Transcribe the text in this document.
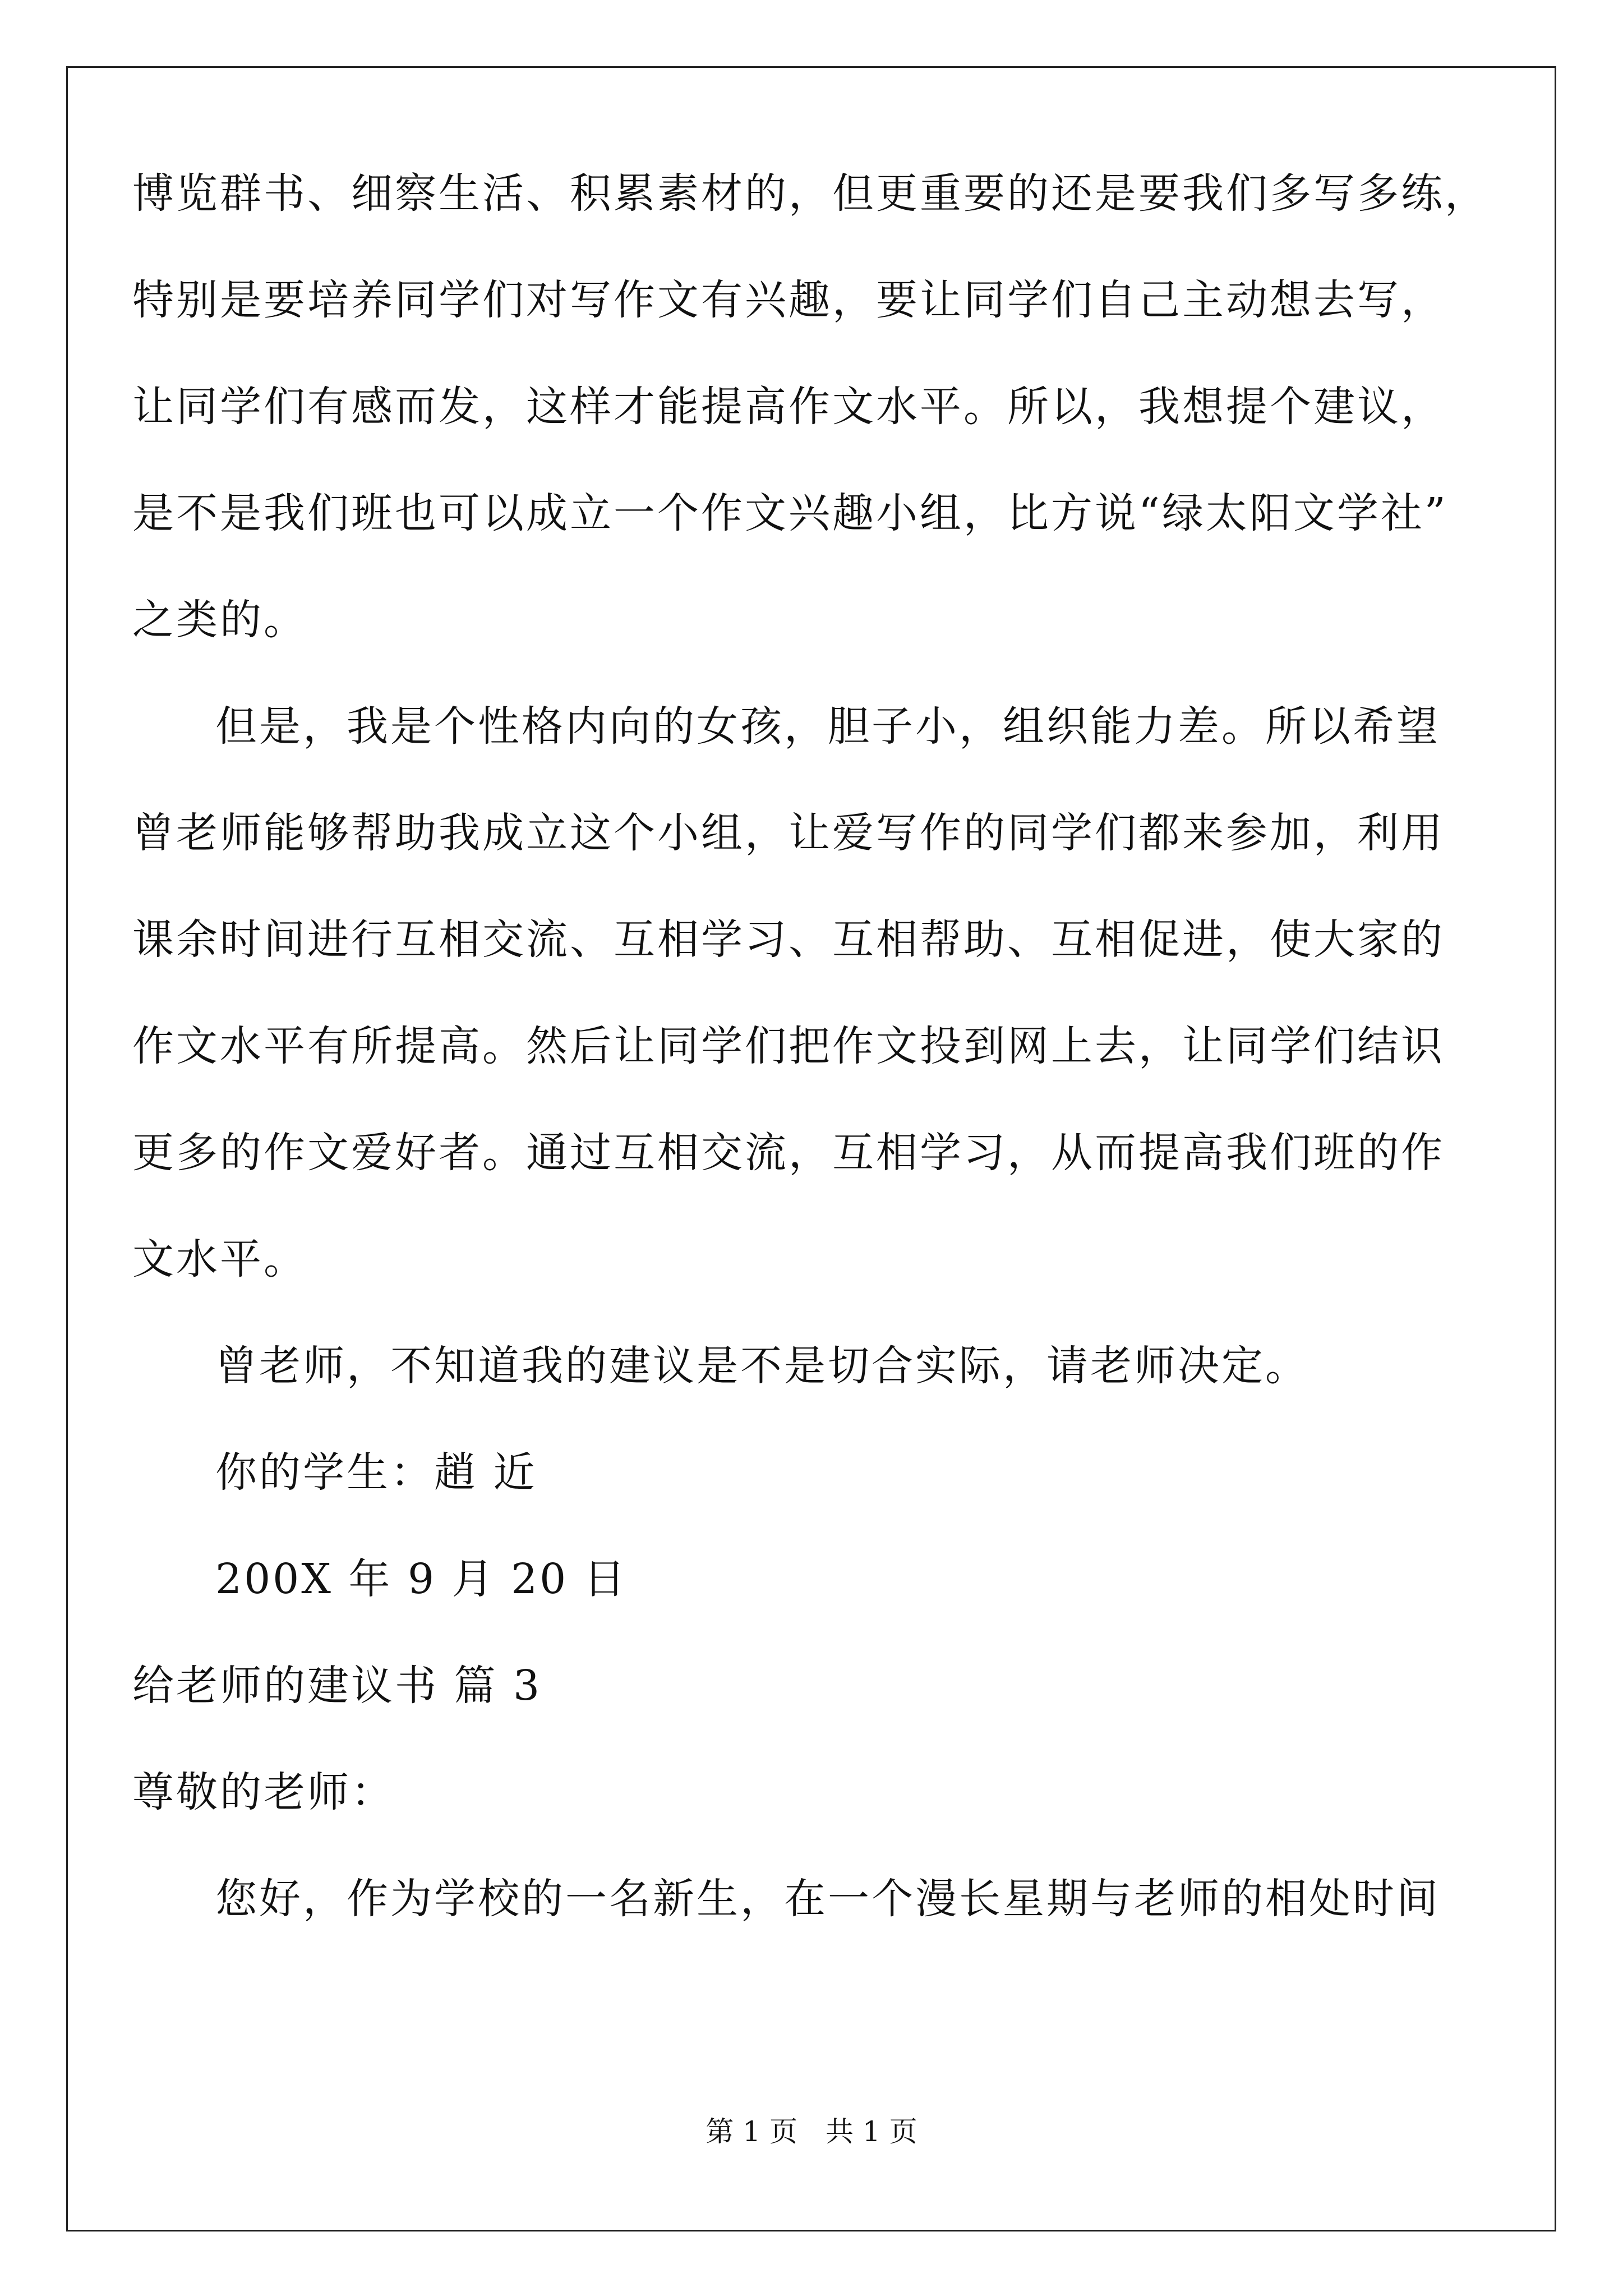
博览群书、细察生活、积累素材的，但更重要的还是要我们多写多练，
特别是要培养同学们对写作文有兴趣，要让同学们自己主动想去写，
让同学们有感而发，这样才能提高作文水平。所以，我想提个建议，
是不是我们班也可以成立一个作文兴趣小组，比方说“绿太阳文学社”
之类的。
但是，我是个性格内向的女孩，胆子小，组织能力差。所以希望
曾老师能够帮助我成立这个小组，让爱写作的同学们都来参加，利用
课余时间进行互相交流、互相学习、互相帮助、互相促进，使大家的
作文水平有所提高。然后让同学们把作文投到网上去，让同学们结识
更多的作文爱好者。通过互相交流，互相学习，从而提高我们班的作
文水平。
曾老师，不知道我的建议是不是切合实际，请老师决定。
你的学生：趙 近
200X 年 9 月 20 日
给老师的建议书 篇 3
尊敬的老师：
您好，作为学校的一名新生，在一个漫长星期与老师的相处时间
第 1 页　共 1 页
